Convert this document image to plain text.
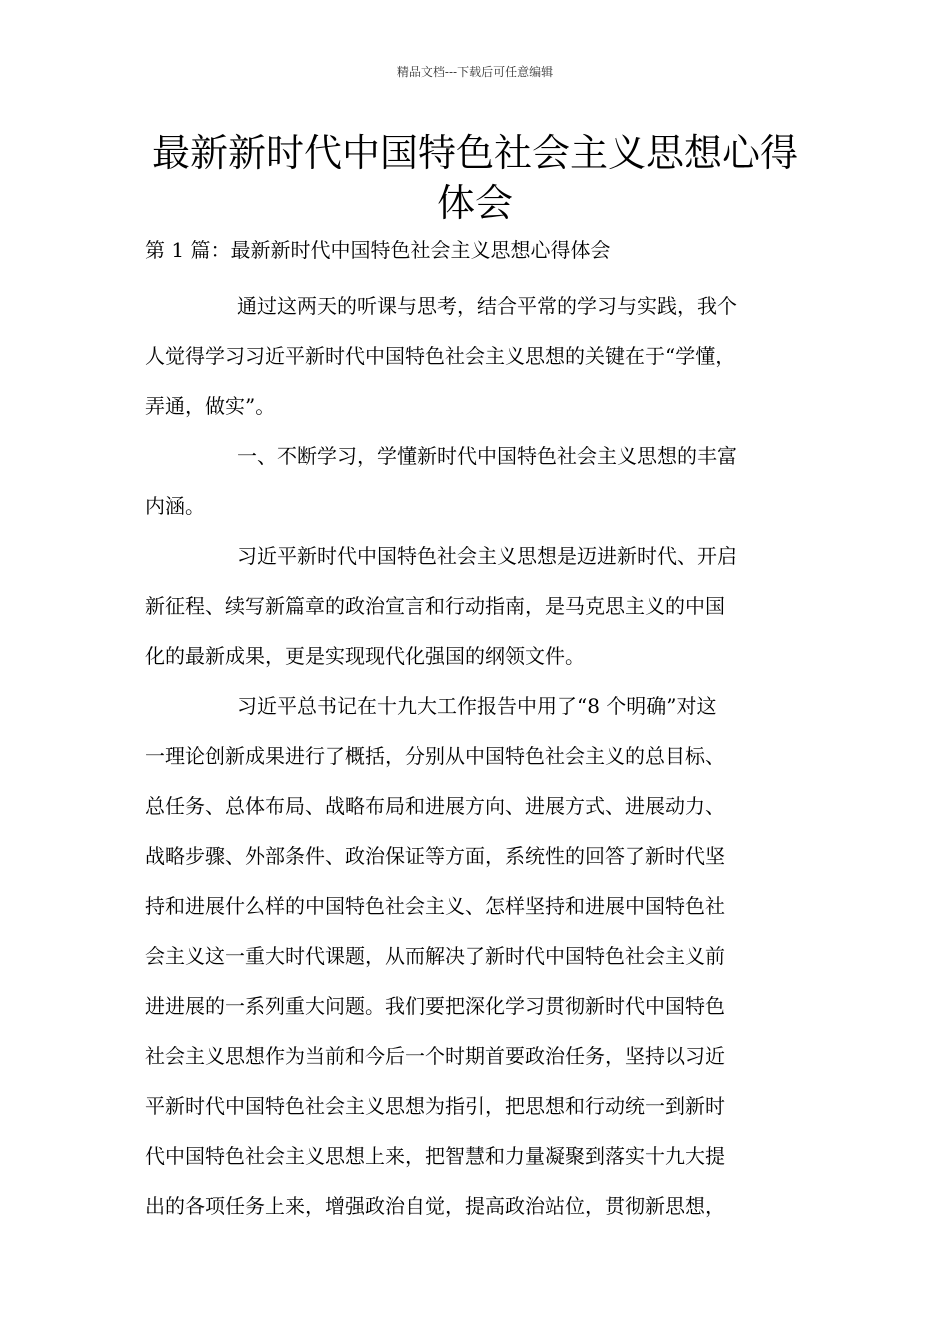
精品文档---下载后可任意编辑
最新新时代中国特色社会主义思想心得
体会
第 1 篇：最新新时代中国特色社会主义思想心得体会
通过这两天的听课与思考，结合平常的学习与实践，我个
人觉得学习习近平新时代中国特色社会主义思想的关键在于“学懂，
弄通，做实”。
一、不断学习，学懂新时代中国特色社会主义思想的丰富
内涵。
习近平新时代中国特色社会主义思想是迈进新时代、开启
新征程、续写新篇章的政治宣言和行动指南，是马克思主义的中国
化的最新成果，更是实现现代化强国的纲领文件。
习近平总书记在十九大工作报告中用了“8 个明确”对这
一理论创新成果进行了概括，分别从中国特色社会主义的总目标、
总任务、总体布局、战略布局和进展方向、进展方式、进展动力、
战略步骤、外部条件、政治保证等方面，系统性的回答了新时代坚
持和进展什么样的中国特色社会主义、怎样坚持和进展中国特色社
会主义这一重大时代课题，从而解决了新时代中国特色社会主义前
进进展的一系列重大问题。我们要把深化学习贯彻新时代中国特色
社会主义思想作为当前和今后一个时期首要政治任务，坚持以习近
平新时代中国特色社会主义思想为指引，把思想和行动统一到新时
代中国特色社会主义思想上来，把智慧和力量凝聚到落实十九大提
出的各项任务上来，增强政治自觉，提高政治站位，贯彻新思想，
